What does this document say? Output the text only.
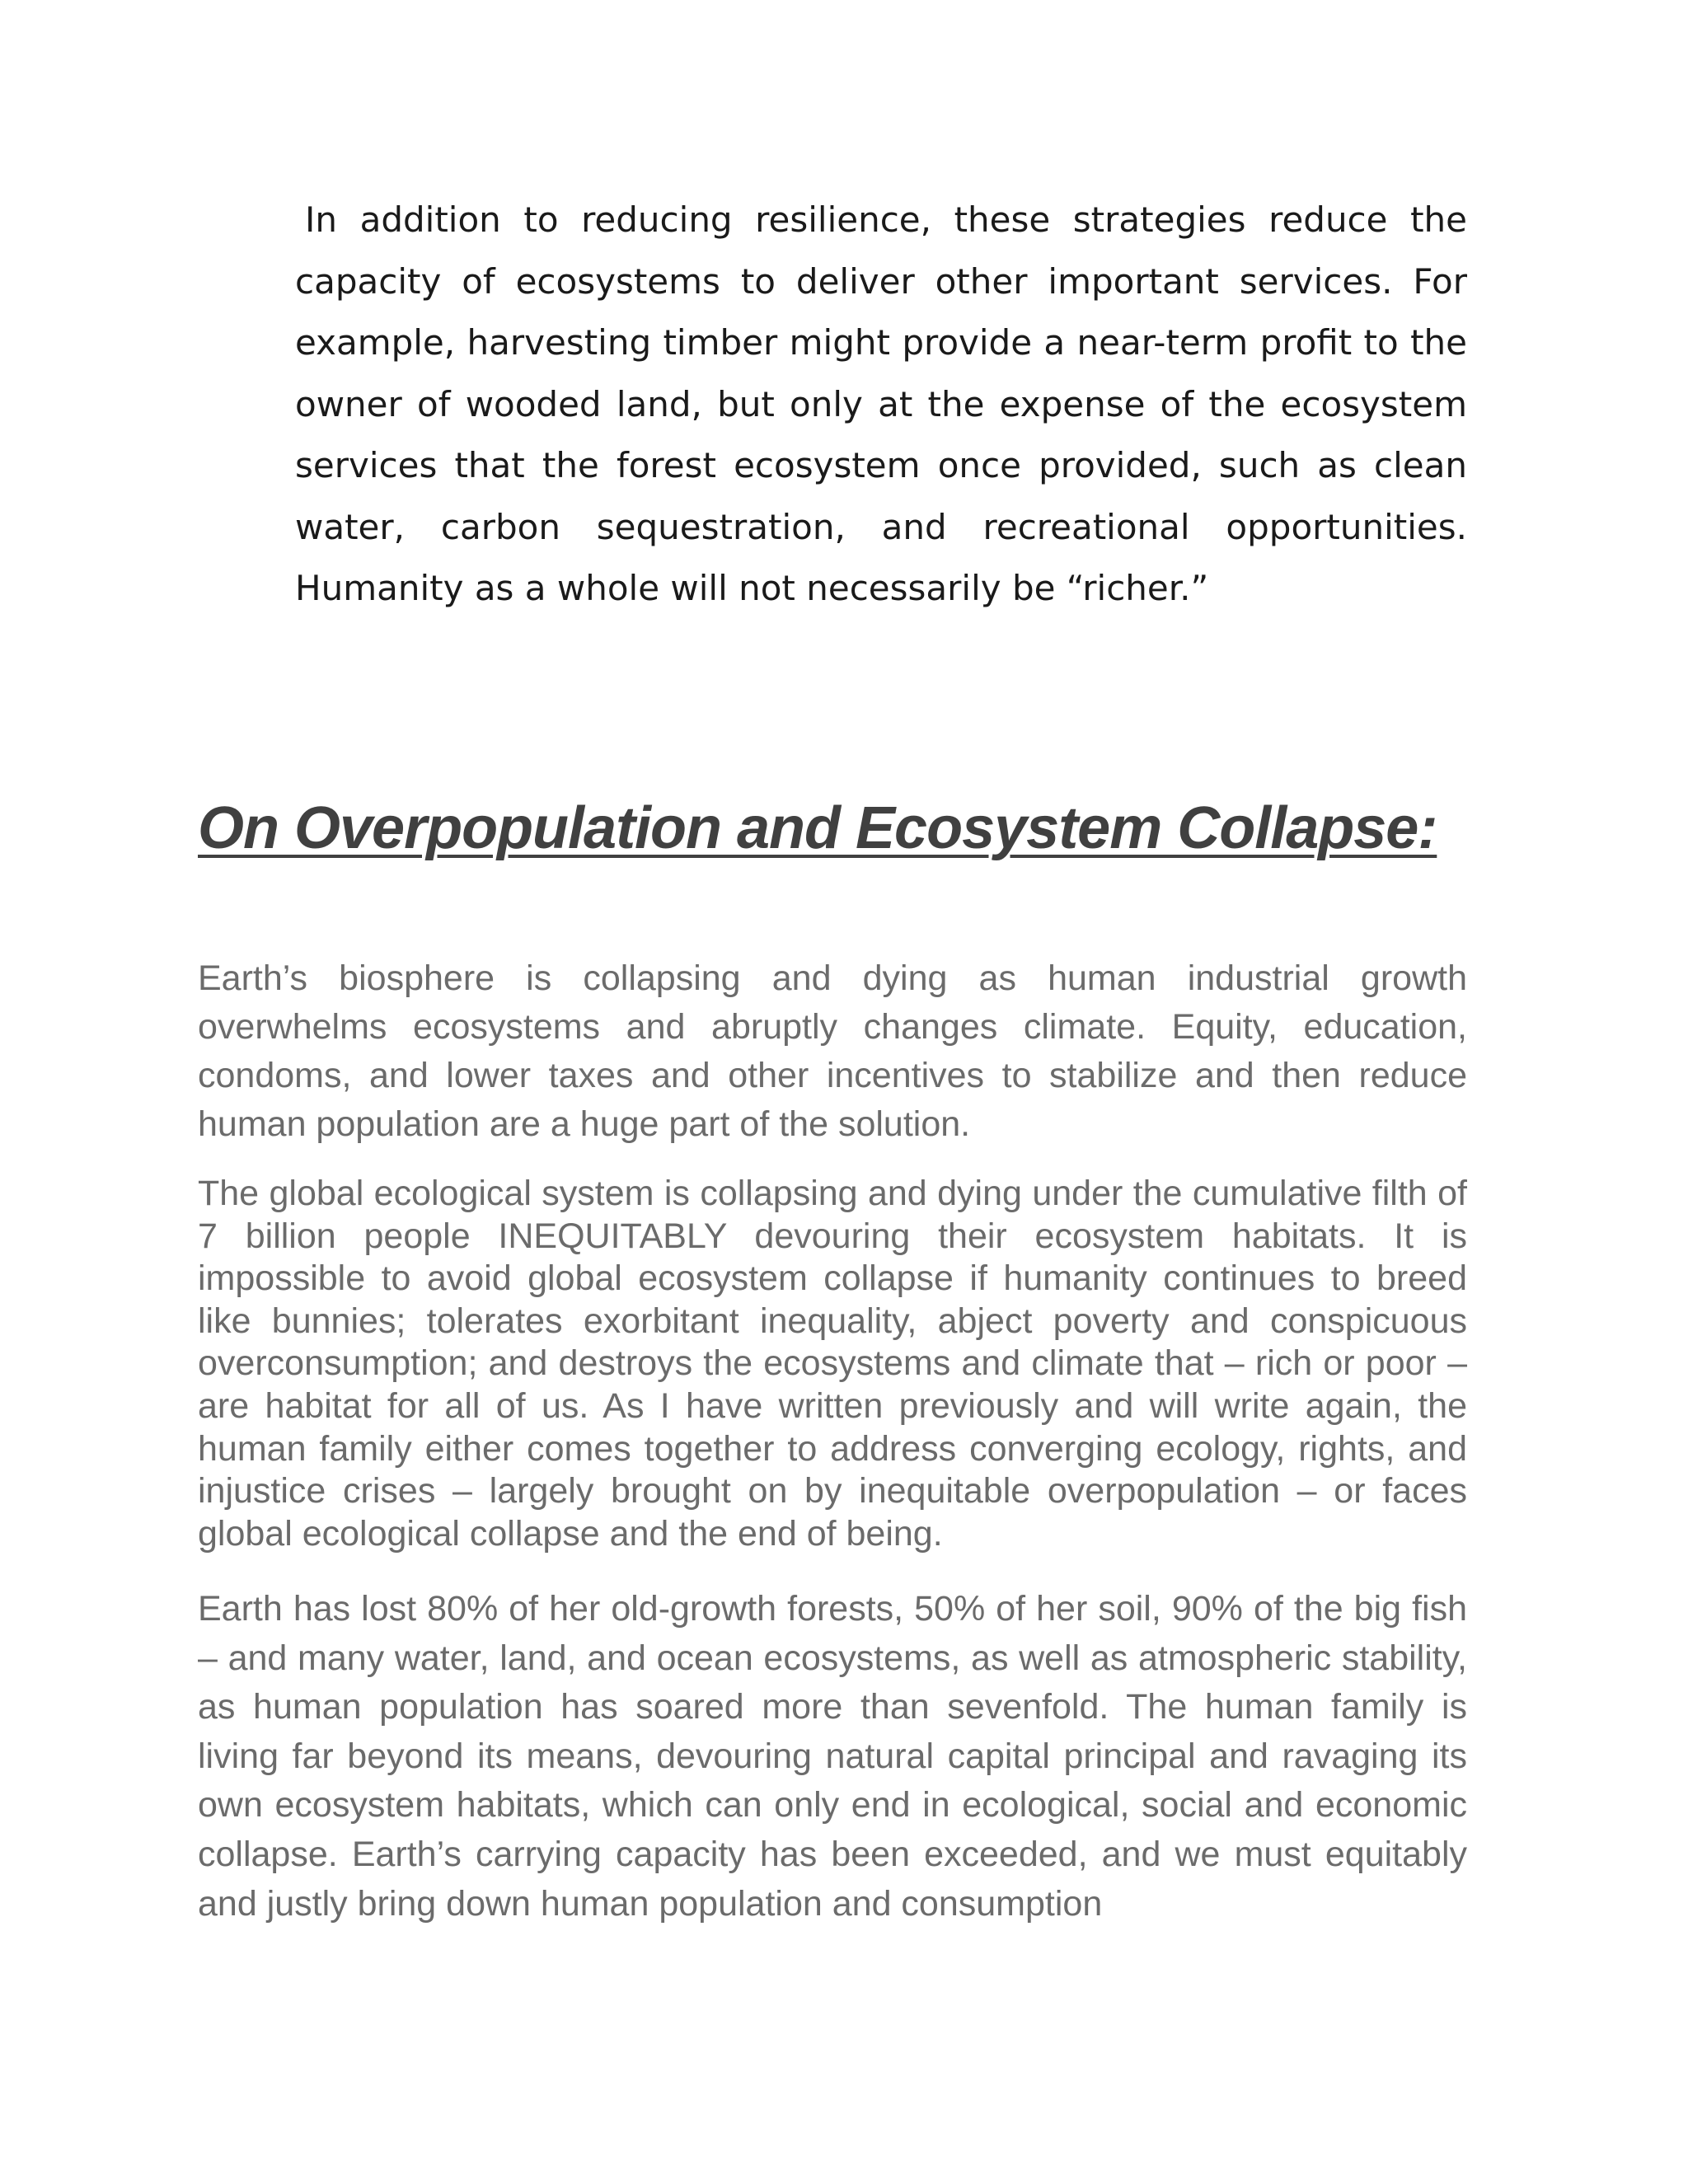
In addition to reducing resilience, these strategies reduce the capacity of ecosystems to deliver other important services. For example, harvesting timber might provide a near-term profit to the owner of wooded land, but only at the expense of the ecosystem services that the forest ecosystem once provided, such as clean water, carbon sequestration, and recreational opportunities. Humanity as a whole will not necessarily be “richer.”

On Overpopulation and Ecosystem Collapse:

Earth’s biosphere is collapsing and dying as human industrial growth overwhelms ecosystems and abruptly changes climate. Equity, education, condoms, and lower taxes and other incentives to stabilize and then reduce human population are a huge part of the solution.

The global ecological system is collapsing and dying under the cumulative filth of 7 billion people INEQUITABLY devouring their ecosystem habitats. It is impossible to avoid global ecosystem collapse if humanity continues to breed like bunnies; tolerates exorbitant inequality, abject poverty and conspicuous overconsumption; and destroys the ecosystems and climate that – rich or poor – are habitat for all of us. As I have written previously and will write again, the human family either comes together to address converging ecology, rights, and injustice crises – largely brought on by inequitable overpopulation – or faces global ecological collapse and the end of being.

Earth has lost 80% of her old-growth forests, 50% of her soil, 90% of the big fish – and many water, land, and ocean ecosystems, as well as atmospheric stability, as human population has soared more than sevenfold. The human family is living far beyond its means, devouring natural capital principal and ravaging its own ecosystem habitats, which can only end in ecological, social and economic collapse. Earth’s carrying capacity has been exceeded, and we must equitably and justly bring down human population and consumption
